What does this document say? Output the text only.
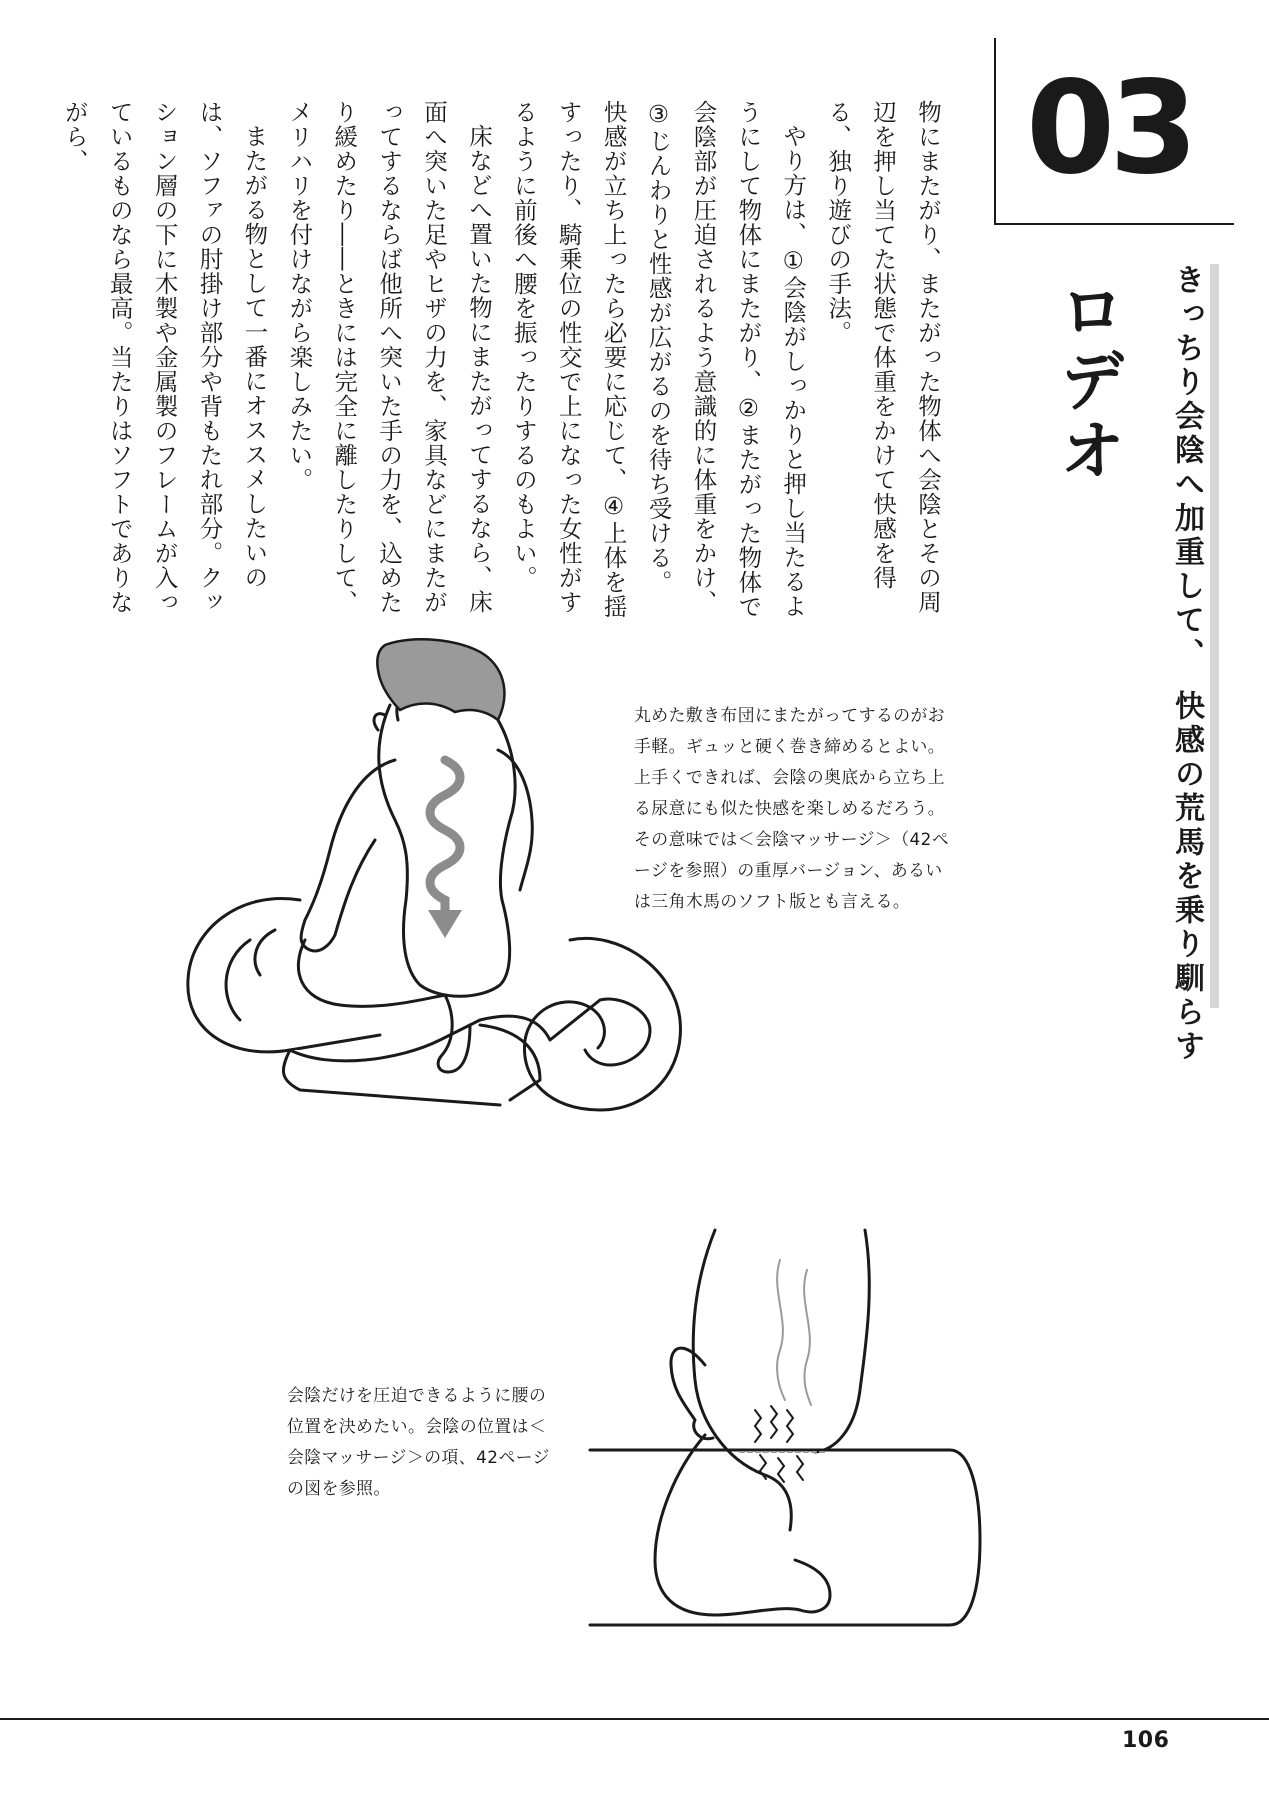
03
きっちり会陰へ加重して、快感の荒馬を乗り馴らす
ロデオ

物にまたがり、またがった物体へ会陰とその周辺を押し当てた状態で体重をかけて快感を得る、独り遊びの手法。

やり方は、①会陰がしっかりと押し当たるようにして物体にまたがり、②またがった物体で会陰部が圧迫されるよう意識的に体重をかけ、③じんわりと性感が広がるのを待ち受ける。

快感が立ち上ったら必要に応じて、④上体を揺すったり、騎乗位の性交で上になった女性がするように前後へ腰を振ったりするのもよい。

床などへ置いた物にまたがってするなら、床面へ突いた足やヒザの力を、家具などにまたがってするならば他所へ突いた手の力を、込めたり緩めたり――ときには完全に離したりして、メリハリを付けながら楽しみたい。

またがる物として一番にオススメしたいのは、ソファの肘掛け部分や背もたれ部分。クッション層の下に木製や金属製のフレームが入っているものなら最高。当たりはソフトでありながら、

丸めた敷き布団にまたがってするのがお手軽。ギュッと硬く巻き締めるとよい。上手くできれば、会陰の奥底から立ち上る尿意にも似た快感を楽しめるだろう。その意味では＜会陰マッサージ＞（42ページを参照）の重厚バージョン、あるいは三角木馬のソフト版とも言える。
会陰だけを圧迫できるように腰の位置を決めたい。会陰の位置は＜会陰マッサージ＞の項、42ページの図を参照。
106
